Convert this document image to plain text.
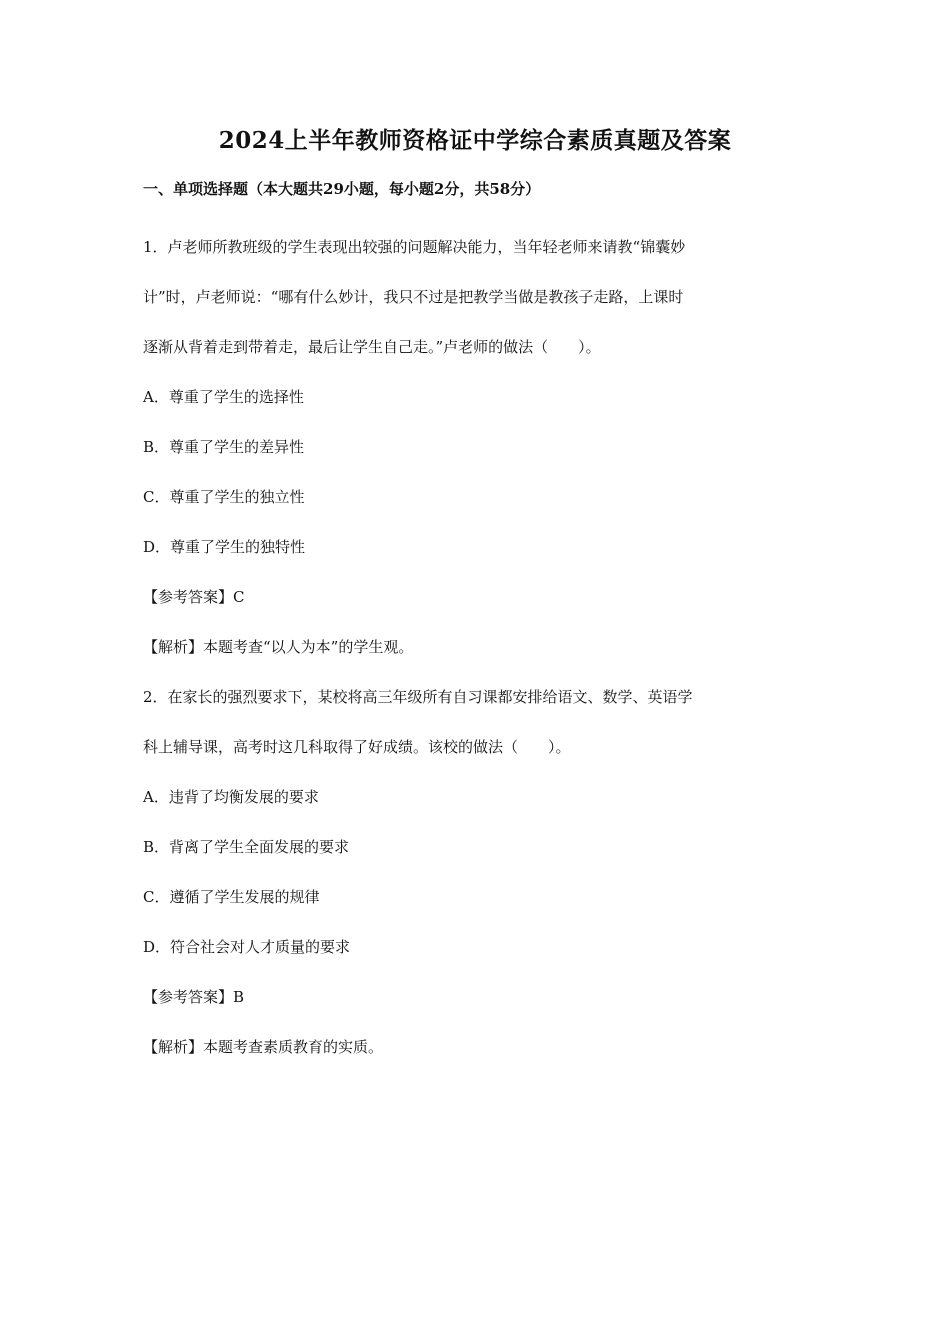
2024上半年教师资格证中学综合素质真题及答案
一、单项选择题（本大题共29小题，每小题2分，共58分）
1．卢老师所教班级的学生表现出较强的问题解决能力，当年轻老师来请教“锦囊妙
计”时，卢老师说：“哪有什么妙计，我只不过是把教学当做是教孩子走路，上课时
逐渐从背着走到带着走，最后让学生自己走。”卢老师的做法（　　）。
A．尊重了学生的选择性
B．尊重了学生的差异性
C．尊重了学生的独立性
D．尊重了学生的独特性
【参考答案】C
【解析】本题考查“以人为本”的学生观。
2．在家长的强烈要求下，某校将高三年级所有自习课都安排给语文、数学、英语学
科上辅导课，高考时这几科取得了好成绩。该校的做法（　　）。
A．违背了均衡发展的要求
B．背离了学生全面发展的要求
C．遵循了学生发展的规律
D．符合社会对人才质量的要求
【参考答案】B
【解析】本题考查素质教育的实质。
